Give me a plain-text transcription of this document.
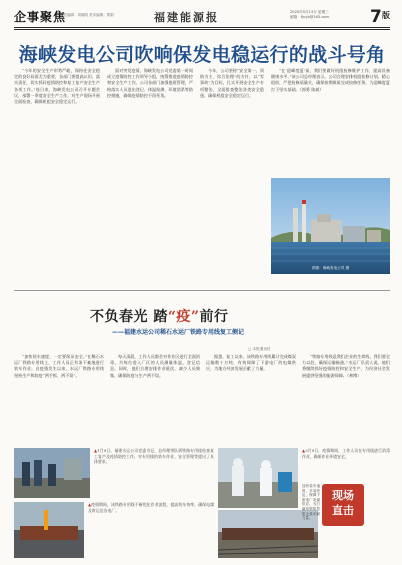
企事聚焦
责任编辑：刘晓明 美术编辑：郑娟	福建能源报	2020年5月13日 星期三
邮箱：fjnyb@163.com 7 版
海峡发电公司吹响保发电稳运行的战斗号角

“今年的安全生产形势严峻，保持住安全稳定的良好局面尤为重要，各部门要提高认识，落实责任，切实抓好疫情防控和复工复产安全生产各项工作。”连日来，海峡发电公司召开专题会议，部署一季度安全生产工作，对生产现场开展全面检查，确保机组安全稳定运行。

面对突发疫情，海峡发电公司党委第一时间成立疫情防控工作领导小组，统筹推进疫情防控和安全生产工作。公司各部门加强值班管理，严格落实人员进出登记、体温检测、环境消杀等防控措施，确保疫情防控不留死角。

今年，公司坚持“安全第一、预防为主、综合治理”的方针，以“零事故”为目标，扎实开展安全生产专项整治，全面排查整治各类安全隐患，确保机组安全稳定运行。

“在‘迎峰度夏’前，我们要做好机组检修维护工作，提高设备健康水平。”该公司总经理表示。公司合理安排机组检修计划，精心组织，严把检修质量关，确保按期保质完成检修任务，为迎峰度夏打下坚实基础。（郭勇 陈斌）

供图：海峡发电公司 摄
不负春光 踏“疫”前行
——福建水运公司稀石水运厂铁路专用线复工侧记
□ 本报通讯员

“加快装车速度，一定要保证安全。”在稀石水运厂铁路专用线上，工作人员正有条不紊地进行装车作业。自疫情发生以来，水运厂铁路专用线坚持生产和防疫“两手抓、两不误”。

每天清晨，工作人员都会对作业区进行全面消毒，为每位进入厂区的人员测量体温，登记信息。同时，他们合理安排作业班次，减少人员聚集，确保防疫与生产两不误。

据悉，复工以来，该铁路专用线累计完成煤炭运输数十万吨，有效保障了下游电厂的电煤供应，为地方经济发展贡献了力量。

“铁路专用线是我们企业的生命线，我们要全力以赴，确保运输畅通。”水运厂负责人说。他们将继续抓好疫情防控和安全生产，为经济社会发展提供坚强的能源保障。（林博）

▲1月9日，福建水运公司党委书记、总经理带队到铁路专用线检查复工复产及疫情防控工作，对专用线的装车作业、安全管理等提出了具体要求。
▲3月9日，疫情期间，工作人员在专用线进行消毒作业，确保作业环境安全。
▲疫情期间，该铁路专用线不断优化作业流程，提高装车效率，确保电煤及时运达各电厂。
现场
直击
加快装车速度，多装快运，保障下游电厂电煤供应，为打赢疫情防控阻击战贡献力量。
